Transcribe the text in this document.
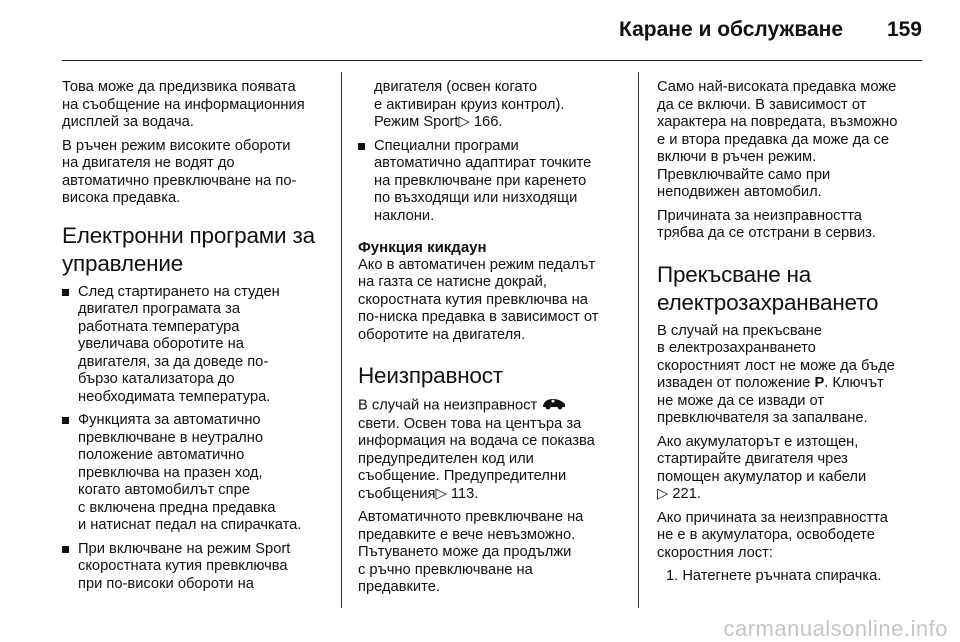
Каране и обслужване 159

Това може да предизвика появата
на съобщение на информационния
дисплей за водача.

В ръчен режим високите обороти
на двигателя не водят до
автоматично превключване на по-
висока предавка.

Електронни програми за
управление
След стартирането на студен
двигател програмата за
работната температура
увеличава оборотите на
двигателя, за да доведе по-
бързо катализатора до
необходимата температура.
Функцията за автоматично
превключване в неутрално
положение автоматично
превключва на празен ход,
когато автомобилът спре
с включена предна предавка
и натиснат педал на спирачката.
При включване на режим Sport
скоростната кутия превключва
при по-високи обороти на
двигателя (освен когато
е активиран круиз контрол).
Режим Sport▷ 166.
Специални програми
автоматично адаптират точките
на превключване при каренето
по възходящи или низходящи
наклони.
Функция кикдаун

Ако в автоматичен режим педалът
на газта се натисне докрай,
скоростната кутия превключва на
по-ниска предавка в зависимост от
оборотите на двигателя.

Неизправност

В случай на неизправност
свети. Освен това на центъра за
информация на водача се показва
предупредителен код или
съобщение. Предупредителни
съобщения▷ 113.

Автоматичното превключване на
предавките е вече невъзможно.
Пътуването може да продължи
с ръчно превключване на
предавките.

Само най-високата предавка може
да се включи. В зависимост от
характера на повредата, възможно
е и втора предавка да може да се
включи в ръчен режим.
Превключвайте само при
неподвижен автомобил.

Причината за неизправността
трябва да се отстрани в сервиз.

Прекъсване на
електрозахранването

В случай на прекъсване
в електрозахранването
скоростният лост не може да бъде
изваден от положение P. Ключът
не може да се извади от
превключвателя за запалване.

Ако акумулаторът е изтощен,
стартирайте двигателя чрез
помощен акумулатор и кабели
▷ 221.

Ако причината за неизправността
не е в акумулатора, освободете
скоростния лост:

1. Натегнете ръчната спирачка.

carmanualsonline.info
